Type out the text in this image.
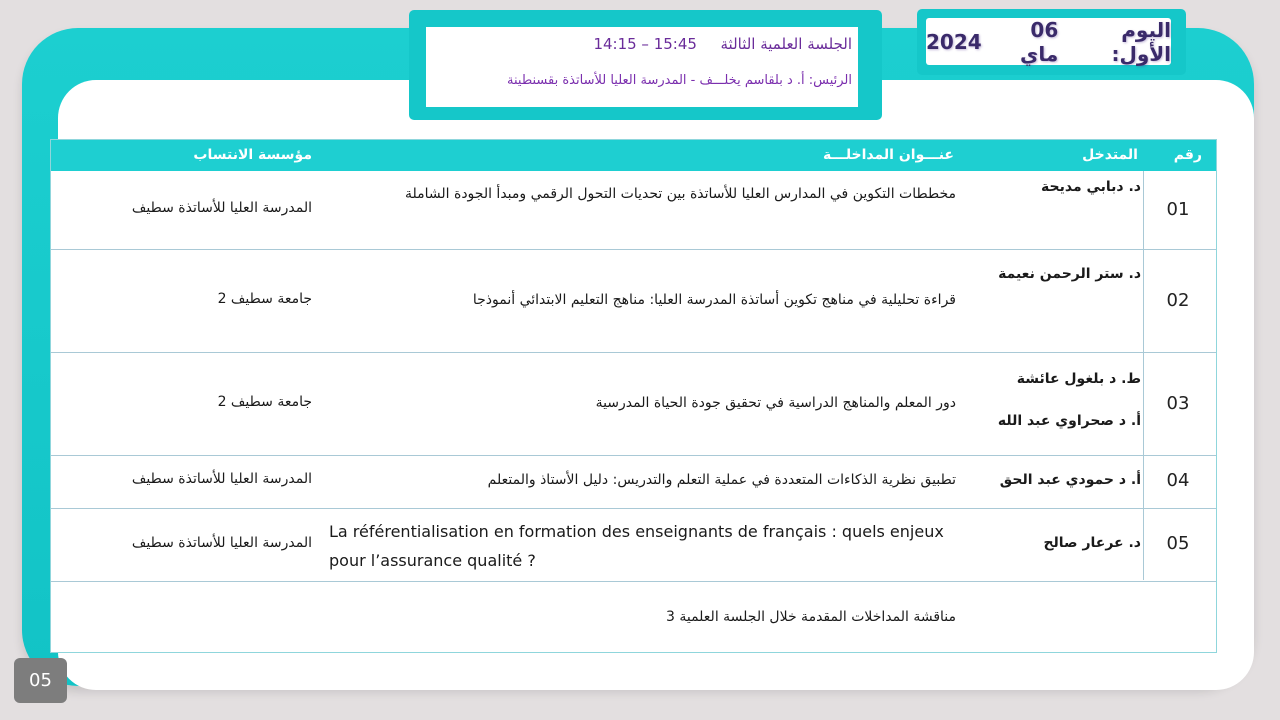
اليوم الأول:
06 ماي
2024
الجلسة العلمية الثالثة  14:15 – 15:45
الرئيس: أ. د بلقاسم يخلـــف - المدرسة العليا للأساتذة بقسنطينة
رقم
المتدخل
عنـــوان المداخلـــة
مؤسسة الانتساب
01
د. دبابي مديحة
مخططات التكوين في المدارس العليا للأساتذة بين تحديات التحول الرقمي ومبدأ الجودة الشاملة
المدرسة العليا للأساتذة سطيف
02
د. ستر الرحمن نعيمة
قراءة تحليلية في مناهج تكوين أساتذة المدرسة العليا: مناهج التعليم الابتدائي أنموذجا
جامعة سطيف 2
03
ط. د بلغول عائشة
أ. د صحراوي عبد الله
دور المعلم والمناهج الدراسية في تحقيق جودة الحياة المدرسية
جامعة سطيف 2
04
أ. د حمودي عبد الحق
تطبيق نظرية الذكاءات المتعددة في عملية التعلم والتدريس: دليل الأستاذ والمتعلم
المدرسة العليا للأساتذة سطيف
05
د. عرعار صالح
La référentialisation en formation des enseignants de français : quels enjeux pour l’assurance qualité ?
المدرسة العليا للأساتذة سطيف
مناقشة المداخلات المقدمة خلال الجلسة العلمية 3
05
